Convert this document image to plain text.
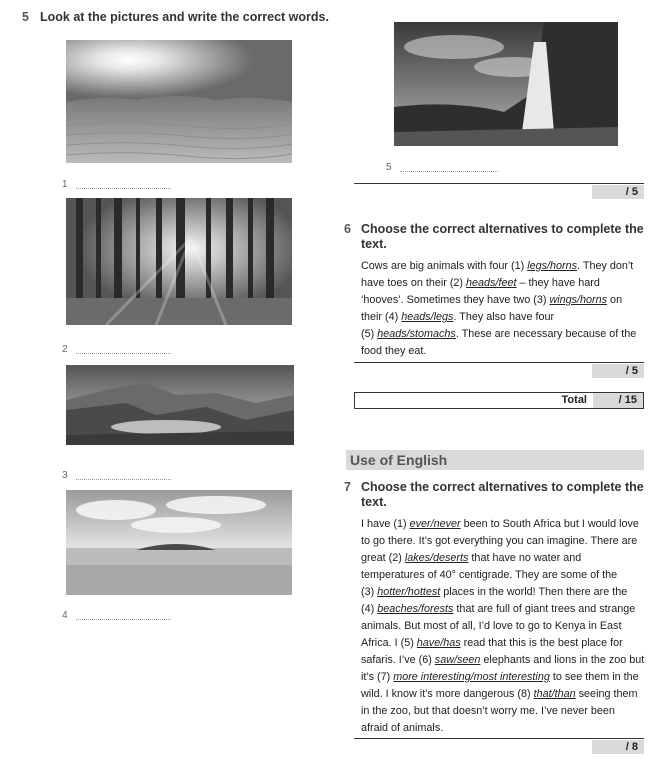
5 Look at the pictures and write the correct words.
1
2
3
4
5
/ 5
6 Choose the correct alternatives to complete the
text.
Cows are big animals with four (1) legs/horns. They don’t
have toes on their (2) heads/feet – they have hard
‘hooves’. Sometimes they have two (3) wings/horns on
their (4) heads/legs. They also have four
(5) heads/stomachs. These are necessary because of the
food they eat.
/ 5
Total	/ 15
Use of English
7 Choose the correct alternatives to complete the
text.
I have (1) ever/never been to South Africa but I would love
to go there. It’s got everything you can imagine. There are
great (2) lakes/deserts that have no water and
temperatures of 40° centigrade. They are some of the
(3) hotter/hottest places in the world! Then there are the
(4) beaches/forests that are full of giant trees and strange
animals. But most of all, I’d love to go to Kenya in East
Africa. I (5) have/has read that this is the best place for
safaris. I’ve (6) saw/seen elephants and lions in the zoo but
it’s (7) more interesting/most interesting to see them in the
wild. I know it’s more dangerous (8) that/than seeing them
in the zoo, but that doesn’t worry me. I’ve never been
afraid of animals.
/ 8
